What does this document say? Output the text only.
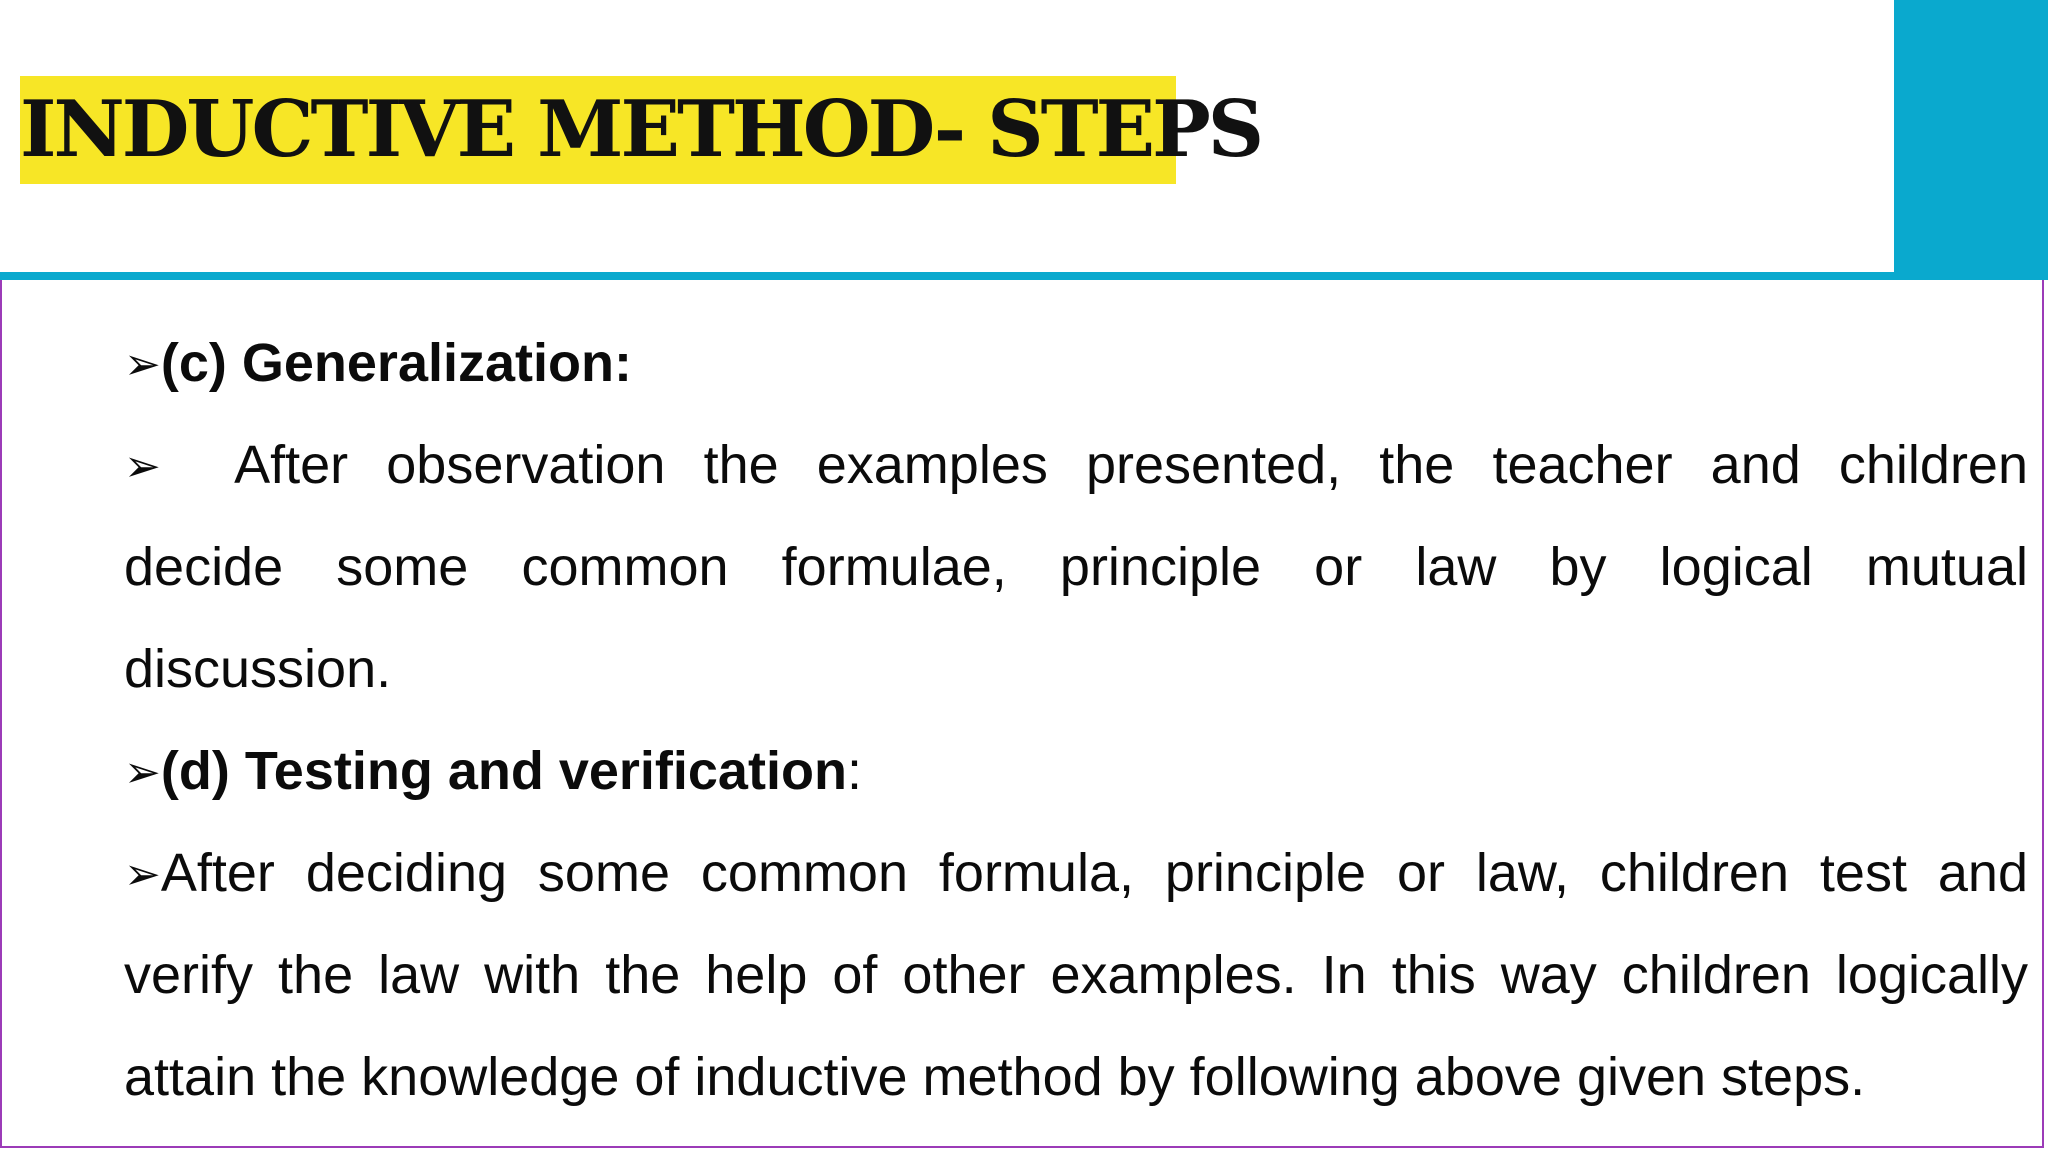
INDUCTIVE METHOD- STEPS

➢(c) Generalization:

➢ After observation the examples presented, the teacher and children

decide some common formulae, principle or law by logical mutual

discussion.

➢(d) Testing and verification:

➢After deciding some common formula, principle or law, children test and

verify the law with the help of other examples. In this way children logically

attain the knowledge of inductive method by following above given steps.
